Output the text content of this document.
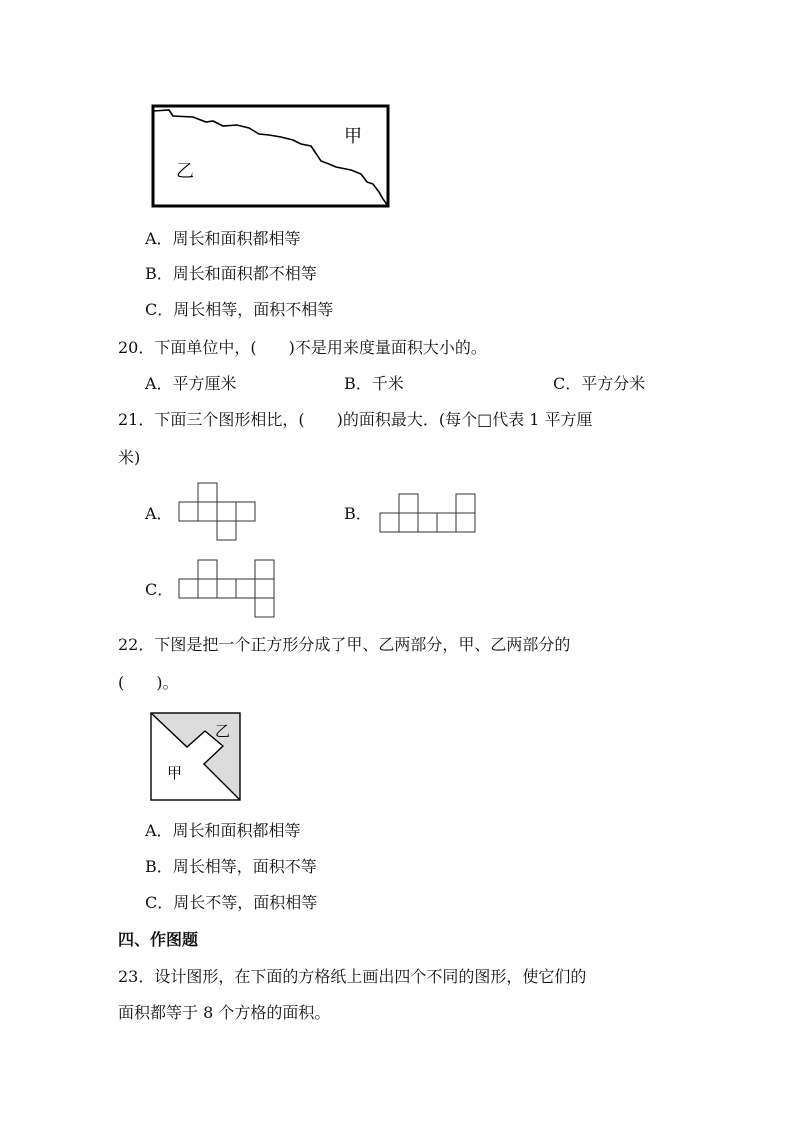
甲
乙
A．周长和面积都相等
B．周长和面积都不相等
C．周长相等，面积不相等
20．下面单位中，(　　)不是用来度量面积大小的。
A．平方厘米	B．千米	C．平方分米
21．下面三个图形相比，(　　)的面积最大．(每个□代表 1 平方厘
米)
A．	B．
C．
22．下图是把一个正方形分成了甲、乙两部分，甲、乙两部分的
(　　)。
乙
甲
A．周长和面积都相等
B．周长相等，面积不等
C．周长不等，面积相等
四、作图题
23．设计图形，在下面的方格纸上画出四个不同的图形，使它们的
面积都等于 8 个方格的面积。
